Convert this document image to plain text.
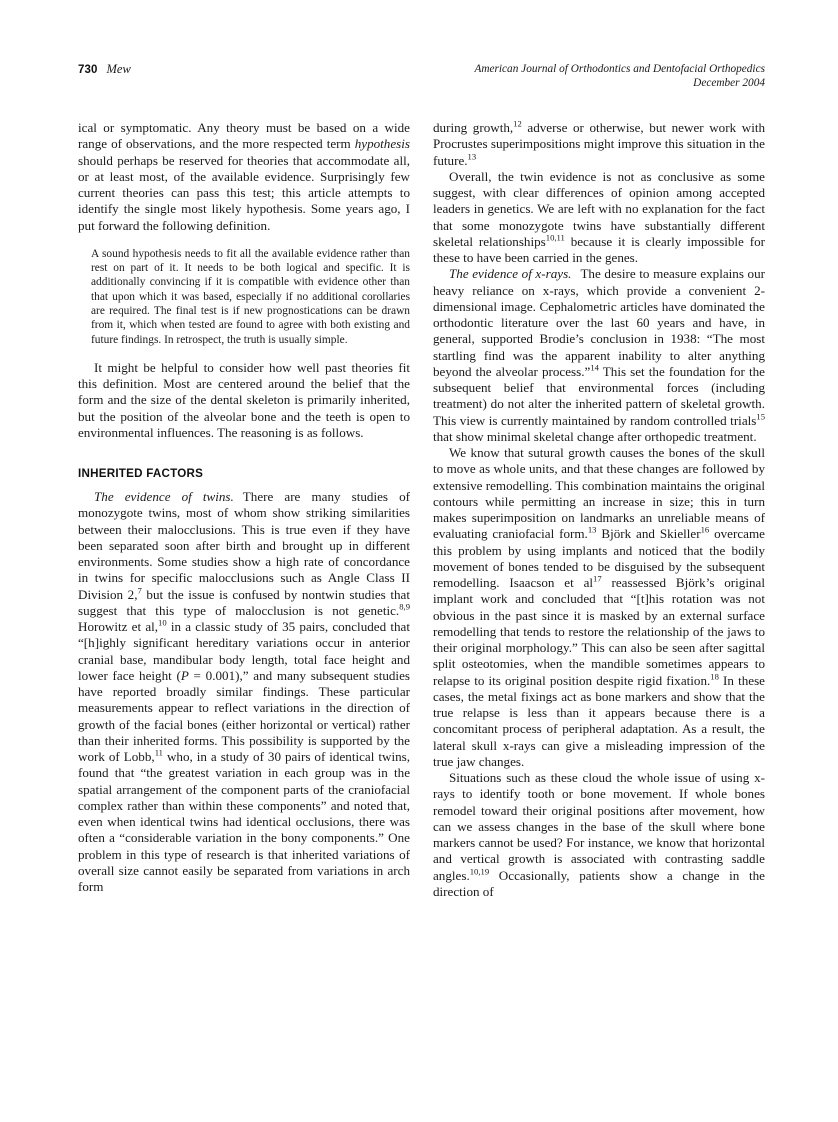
730 Mew	American Journal of Orthodontics and Dentofacial Orthopedics
December 2004

ical or symptomatic. Any theory must be based on a wide range of observations, and the more respected term hypothesis should perhaps be reserved for theories that accommodate all, or at least most, of the available evidence. Surprisingly few current theories can pass this test; this article attempts to identify the single most likely hypothesis. Some years ago, I put forward the following definition.

A sound hypothesis needs to fit all the available evidence rather than rest on part of it. It needs to be both logical and specific. It is additionally convincing if it is compatible with evidence other than that upon which it was based, especially if no additional corollaries are required. The final test is if new prognostications can be drawn from it, which when tested are found to agree with both existing and future findings. In retrospect, the truth is usually simple.

It might be helpful to consider how well past theories fit this definition. Most are centered around the belief that the form and the size of the dental skeleton is primarily inherited, but the position of the alveolar bone and the teeth is open to environmental influences. The reasoning is as follows.

INHERITED FACTORS

The evidence of twins. There are many studies of monozygote twins, most of whom show striking similarities between their malocclusions. This is true even if they have been separated soon after birth and brought up in different environments. Some studies show a high rate of concordance in twins for specific malocclusions such as Angle Class II Division 2,$^7$ but the issue is confused by nontwin studies that suggest that this type of malocclusion is not genetic.$^{8,9}$ Horowitz et al,$^{10}$ in a classic study of 35 pairs, concluded that “[h]ighly significant hereditary variations occur in anterior cranial base, mandibular body length, total face height and lower face height (P = 0.001),” and many subsequent studies have reported broadly similar findings. These particular measurements appear to reflect variations in the direction of growth of the facial bones (either horizontal or vertical) rather than their inherited forms. This possibility is supported by the work of Lobb,$^{11}$ who, in a study of 30 pairs of identical twins, found that “the greatest variation in each group was in the spatial arrangement of the component parts of the craniofacial complex rather than within these components” and noted that, even when identical twins had identical occlusions, there was often a “considerable variation in the bony components.” One problem in this type of research is that inherited variations of overall size cannot easily be separated from variations in arch form

during growth,$^{12}$ adverse or otherwise, but newer work with Procrustes superimpositions might improve this situation in the future.$^{13}$

Overall, the twin evidence is not as conclusive as some suggest, with clear differences of opinion among accepted leaders in genetics. We are left with no explanation for the fact that some monozygote twins have substantially different skeletal relationships$^{10,11}$ because it is clearly impossible for these to have been carried in the genes.

The evidence of x-rays. The desire to measure explains our heavy reliance on x-rays, which provide a convenient 2-dimensional image. Cephalometric articles have dominated the orthodontic literature over the last 60 years and have, in general, supported Brodie’s conclusion in 1938: “The most startling find was the apparent inability to alter anything beyond the alveolar process.”$^{14}$ This set the foundation for the subsequent belief that environmental forces (including treatment) do not alter the inherited pattern of skeletal growth. This view is currently maintained by random controlled trials$^{15}$ that show minimal skeletal change after orthopedic treatment.

We know that sutural growth causes the bones of the skull to move as whole units, and that these changes are followed by extensive remodelling. This combination maintains the original contours while permitting an increase in size; this in turn makes superimposition on landmarks an unreliable means of evaluating craniofacial form.$^{13}$ Björk and Skieller$^{16}$ overcame this problem by using implants and noticed that the bodily movement of bones tended to be disguised by the subsequent remodelling. Isaacson et $al^{17}$ reassessed Björk’s original implant work and concluded that “[t]his rotation was not obvious in the past since it is masked by an external surface remodelling that tends to restore the relationship of the jaws to their original morphology.” This can also be seen after sagittal split osteotomies, when the mandible sometimes appears to relapse to its original position despite rigid fixation.$^{18}$ In these cases, the metal fixings act as bone markers and show that the true relapse is less than it appears because there is a concomitant process of peripheral adaptation. As a result, the lateral skull x-rays can give a misleading impression of the true jaw changes.

Situations such as these cloud the whole issue of using x-rays to identify tooth or bone movement. If whole bones remodel toward their original positions after movement, how can we assess changes in the base of the skull where bone markers cannot be used? For instance, we know that horizontal and vertical growth is associated with contrasting saddle angles.$^{10,19}$ Occasionally, patients show a change in the direction of
